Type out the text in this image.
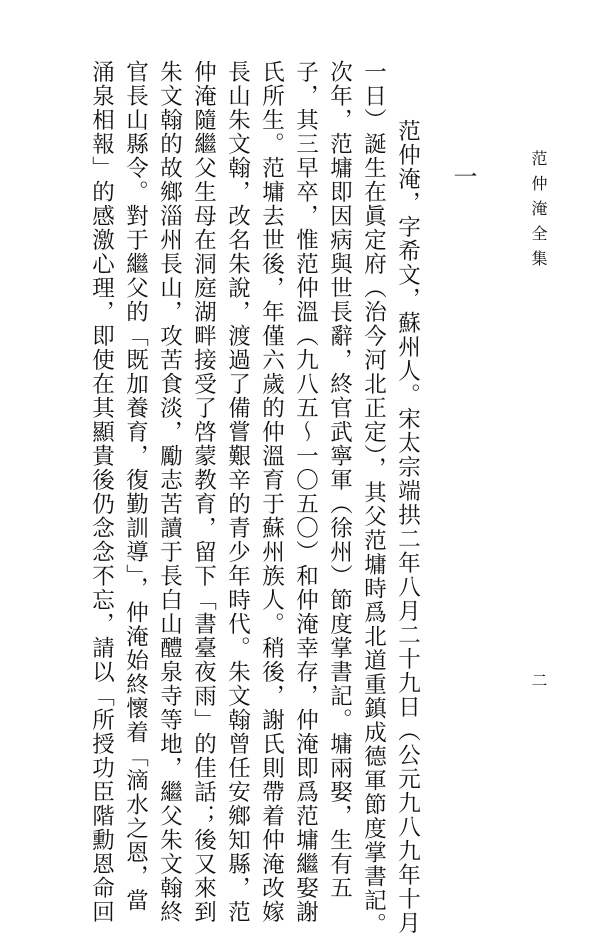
范仲淹全集
二
一
　范仲淹，字希文，蘇州人。宋太宗端拱二年八月二十九日（公元九八九年十月
一日）誕生在眞定府（治今河北正定），其父范墉時爲北道重鎮成德軍節度掌書記。
次年，范墉即因病與世長辭，終官武寧軍（徐州）節度掌書記。墉兩娶，生有五
子，其三早卒，惟范仲溫（九八五～一〇五〇）和仲淹幸存，仲淹即爲范墉繼娶謝
氏所生。范墉去世後，年僅六歲的仲溫育于蘇州族人。稍後，謝氏則帶着仲淹改嫁
長山朱文翰，改名朱說，渡過了備嘗艱辛的青少年時代。朱文翰曾任安鄉知縣，范
仲淹隨繼父生母在洞庭湖畔接受了啓蒙教育，留下「書臺夜雨」的佳話；後又來到
朱文翰的故鄉淄州長山，攻苦食淡，勵志苦讀于長白山醴泉寺等地，繼父朱文翰終
官長山縣令。對于繼父的「既加養育，復勤訓導」，仲淹始終懷着「滴水之恩，當
涌泉相報」的感激心理，即使在其顯貴後仍念念不忘，請以「所授功臣階勳恩命回
